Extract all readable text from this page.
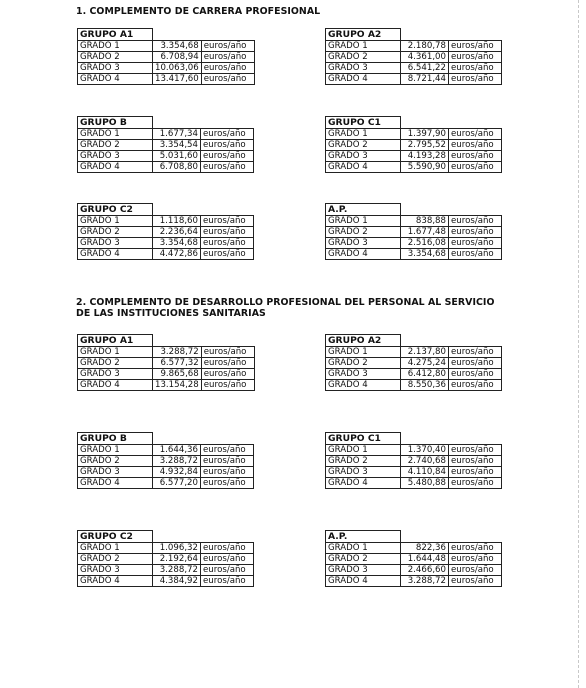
1. COMPLEMENTO DE CARRERA PROFESIONAL
2. COMPLEMENTO DE DESARROLLO PROFESIONAL DEL PERSONAL AL SERVICIO
DE LAS INSTITUCIONES SANITARIAS
GRUPO A1		
GRADO 1	3.354,68	euros/año
GRADO 2	6.708,94	euros/año
GRADO 3	10.063,06	euros/año
GRADO 4	13.417,60	euros/año
GRUPO A2		
GRADO 1	2.180,78	euros/año
GRADO 2	4.361,00	euros/año
GRADO 3	6.541,22	euros/año
GRADO 4	8.721,44	euros/año
GRUPO B		
GRADO 1	1.677,34	euros/año
GRADO 2	3.354,54	euros/año
GRADO 3	5.031,60	euros/año
GRADO 4	6.708,80	euros/año
GRUPO C1		
GRADO 1	1.397,90	euros/año
GRADO 2	2.795,52	euros/año
GRADO 3	4.193,28	euros/año
GRADO 4	5.590,90	euros/año
GRUPO C2		
GRADO 1	1.118,60	euros/año
GRADO 2	2.236,64	euros/año
GRADO 3	3.354,68	euros/año
GRADO 4	4.472,86	euros/año
A.P.		
GRADO 1	838,88	euros/año
GRADO 2	1.677,48	euros/año
GRADO 3	2.516,08	euros/año
GRADO 4	3.354,68	euros/año
GRUPO A1		
GRADO 1	3.288,72	euros/año
GRADO 2	6.577,32	euros/año
GRADO 3	9.865,68	euros/año
GRADO 4	13.154,28	euros/año
GRUPO A2		
GRADO 1	2.137,80	euros/año
GRADO 2	4.275,24	euros/año
GRADO 3	6.412,80	euros/año
GRADO 4	8.550,36	euros/año
GRUPO B		
GRADO 1	1.644,36	euros/año
GRADO 2	3.288,72	euros/año
GRADO 3	4.932,84	euros/año
GRADO 4	6.577,20	euros/año
GRUPO C1		
GRADO 1	1.370,40	euros/año
GRADO 2	2.740,68	euros/año
GRADO 3	4.110,84	euros/año
GRADO 4	5.480,88	euros/año
GRUPO C2		
GRADO 1	1.096,32	euros/año
GRADO 2	2.192,64	euros/año
GRADO 3	3.288,72	euros/año
GRADO 4	4.384,92	euros/año
A.P.		
GRADO 1	822,36	euros/año
GRADO 2	1.644,48	euros/año
GRADO 3	2.466,60	euros/año
GRADO 4	3.288,72	euros/año
